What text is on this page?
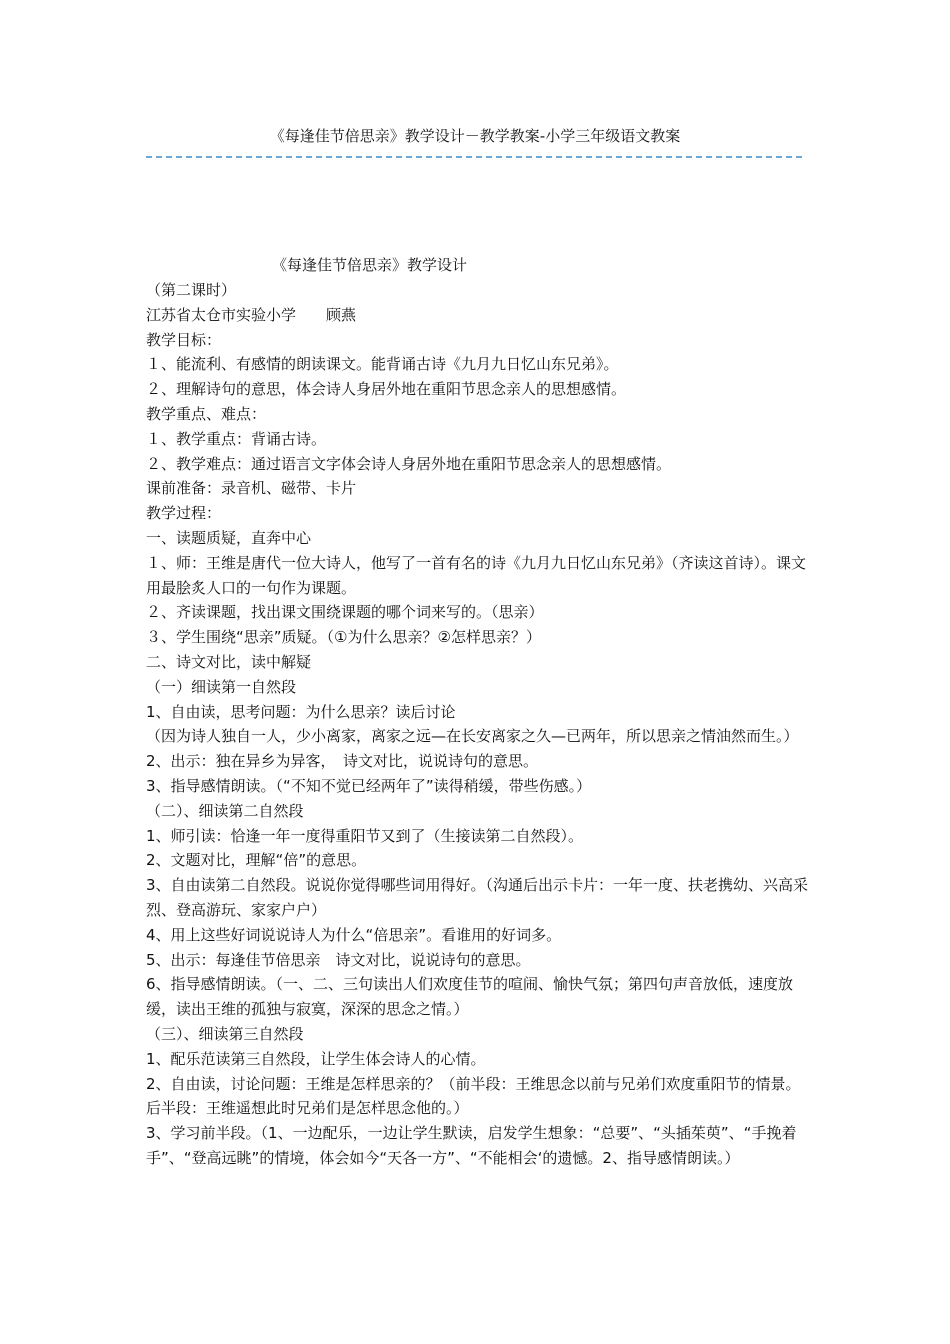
《每逢佳节倍思亲》教学设计－教学教案-小学三年级语文教案
《每逢佳节倍思亲》教学设计

（第二课时）

江苏省太仓市实验小学　　顾燕

教学目标：

１、能流利、有感情的朗读课文。能背诵古诗《九月九日忆山东兄弟》。

２、理解诗句的意思，体会诗人身居外地在重阳节思念亲人的思想感情。

教学重点、难点：

１、教学重点：背诵古诗。

２、教学难点：通过语言文字体会诗人身居外地在重阳节思念亲人的思想感情。

课前准备：录音机、磁带、卡片

教学过程：

一、读题质疑，直奔中心

１、师：王维是唐代一位大诗人，他写了一首有名的诗《九月九日忆山东兄弟》（齐读这首诗）。课文用最脍炙人口的一句作为课题。

２、齐读课题，找出课文围绕课题的哪个词来写的。（思亲）

３、学生围绕“思亲”质疑。（①为什么思亲？②怎样思亲？）

二、诗文对比，读中解疑

（一）细读第一自然段

1、自由读，思考问题：为什么思亲？读后讨论

（因为诗人独自一人，少小离家，离家之远—在长安离家之久—已两年，所以思亲之情油然而生。）

2、出示：独在异乡为异客，　诗文对比，说说诗句的意思。

3、指导感情朗读。（“不知不觉已经两年了”读得稍缓，带些伤感。）

（二）、细读第二自然段

1、师引读：恰逢一年一度得重阳节又到了（生接读第二自然段）。

2、文题对比，理解“倍”的意思。

3、自由读第二自然段。说说你觉得哪些词用得好。（沟通后出示卡片：一年一度、扶老携幼、兴高采烈、登高游玩、家家户户）

4、用上这些好词说说诗人为什么“倍思亲”。看谁用的好词多。

5、出示：每逢佳节倍思亲　诗文对比，说说诗句的意思。

6、指导感情朗读。（一、二、三句读出人们欢度佳节的喧闹、愉快气氛；第四句声音放低，速度放缓，读出王维的孤独与寂寞，深深的思念之情。）

（三）、细读第三自然段

1、配乐范读第三自然段，让学生体会诗人的心情。

2、自由读，讨论问题：王维是怎样思亲的？（前半段：王维思念以前与兄弟们欢度重阳节的情景。后半段：王维遥想此时兄弟们是怎样思念他的。）

3、学习前半段。（1、一边配乐，一边让学生默读，启发学生想象：“总要”、“头插茱萸”、“手挽着手”、“登高远眺”的情境，体会如今“天各一方”、“不能相会‘的遗憾。2、指导感情朗读。）
